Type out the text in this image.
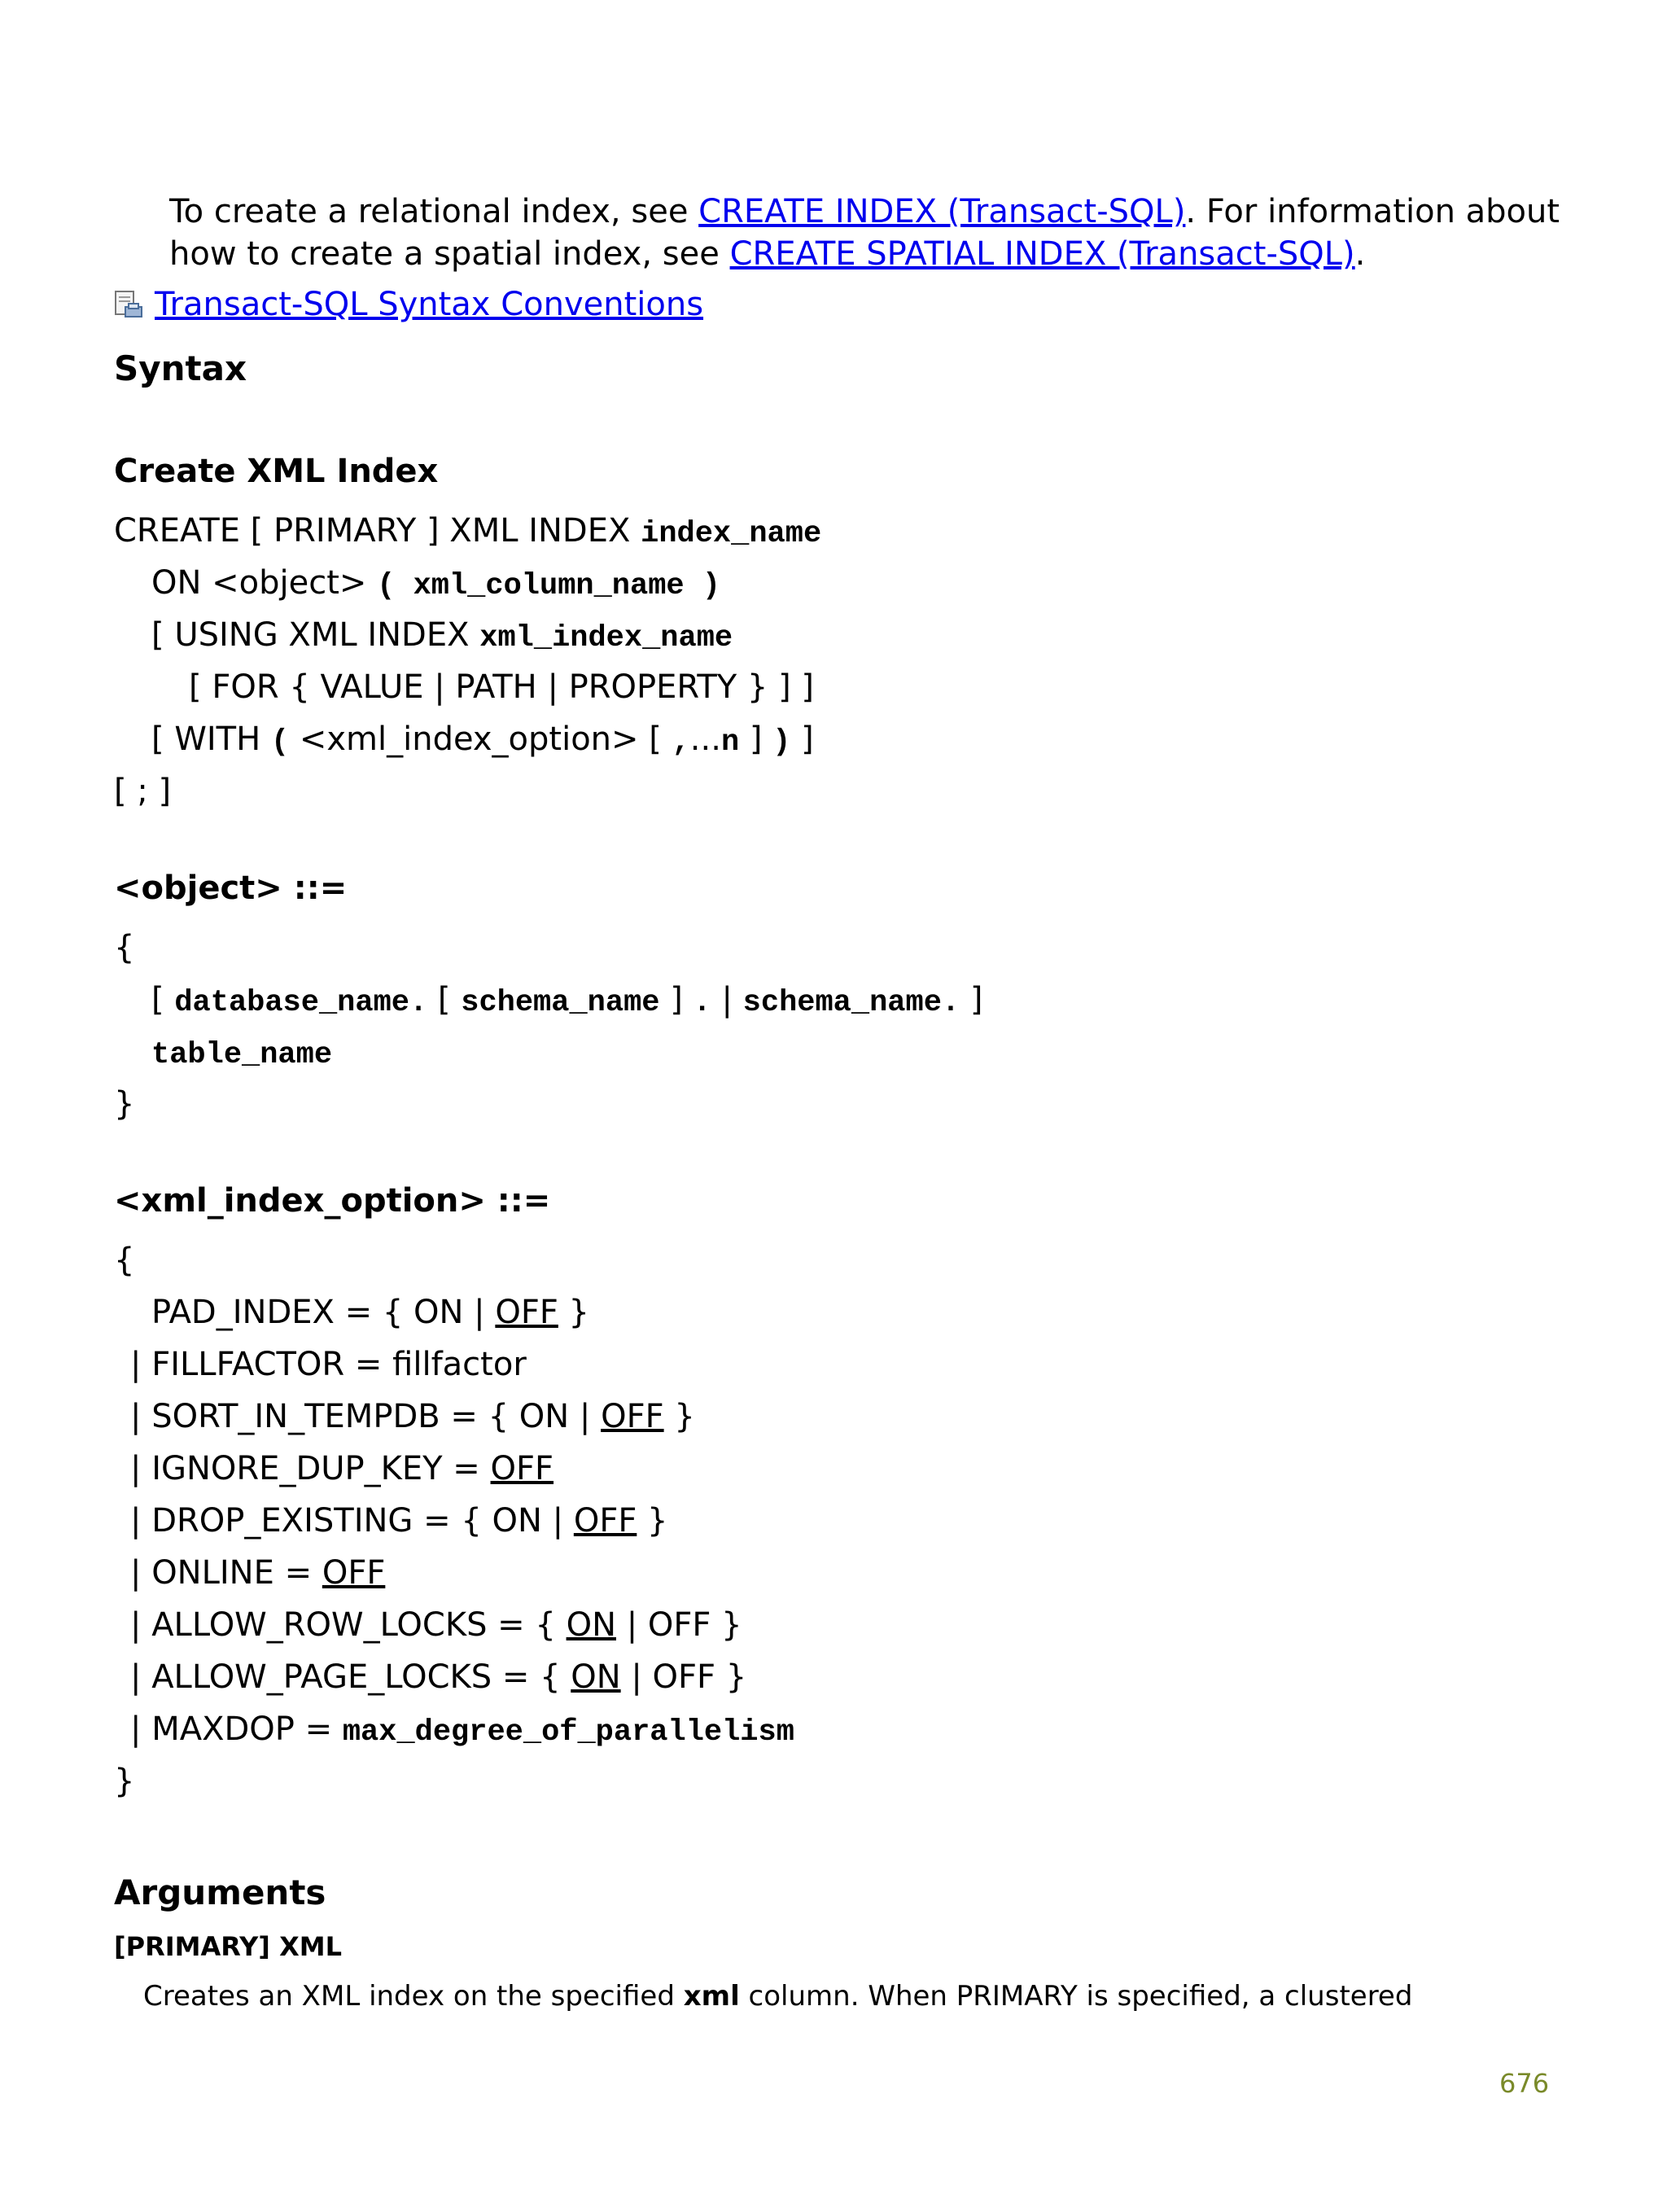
To create a relational index, see CREATE INDEX (Transact-SQL). For information about
how to create a spatial index, see CREATE SPATIAL INDEX (Transact-SQL).
Transact-SQL Syntax Conventions
Syntax
Create XML Index
CREATE [ PRIMARY ] XML INDEX index_name
ON <object> ( xml_column_name )
[ USING XML INDEX xml_index_name
[ FOR { VALUE | PATH | PROPERTY } ] ]
[ WITH ( <xml_index_option> [ ,...n ] ) ]
[ ; ]
<object> ::=
{
[ database_name. [ schema_name ] . | schema_name. ]
table_name
}
<xml_index_option> ::=
{
PAD_INDEX = { ON | OFF }
| FILLFACTOR = fillfactor
| SORT_IN_TEMPDB = { ON | OFF }
| IGNORE_DUP_KEY = OFF
| DROP_EXISTING = { ON | OFF }
| ONLINE = OFF
| ALLOW_ROW_LOCKS = { ON | OFF }
| ALLOW_PAGE_LOCKS = { ON | OFF }
| MAXDOP = max_degree_of_parallelism
}
Arguments
[PRIMARY] XML
Creates an XML index on the specified xml column. When PRIMARY is specified, a clustered
676
